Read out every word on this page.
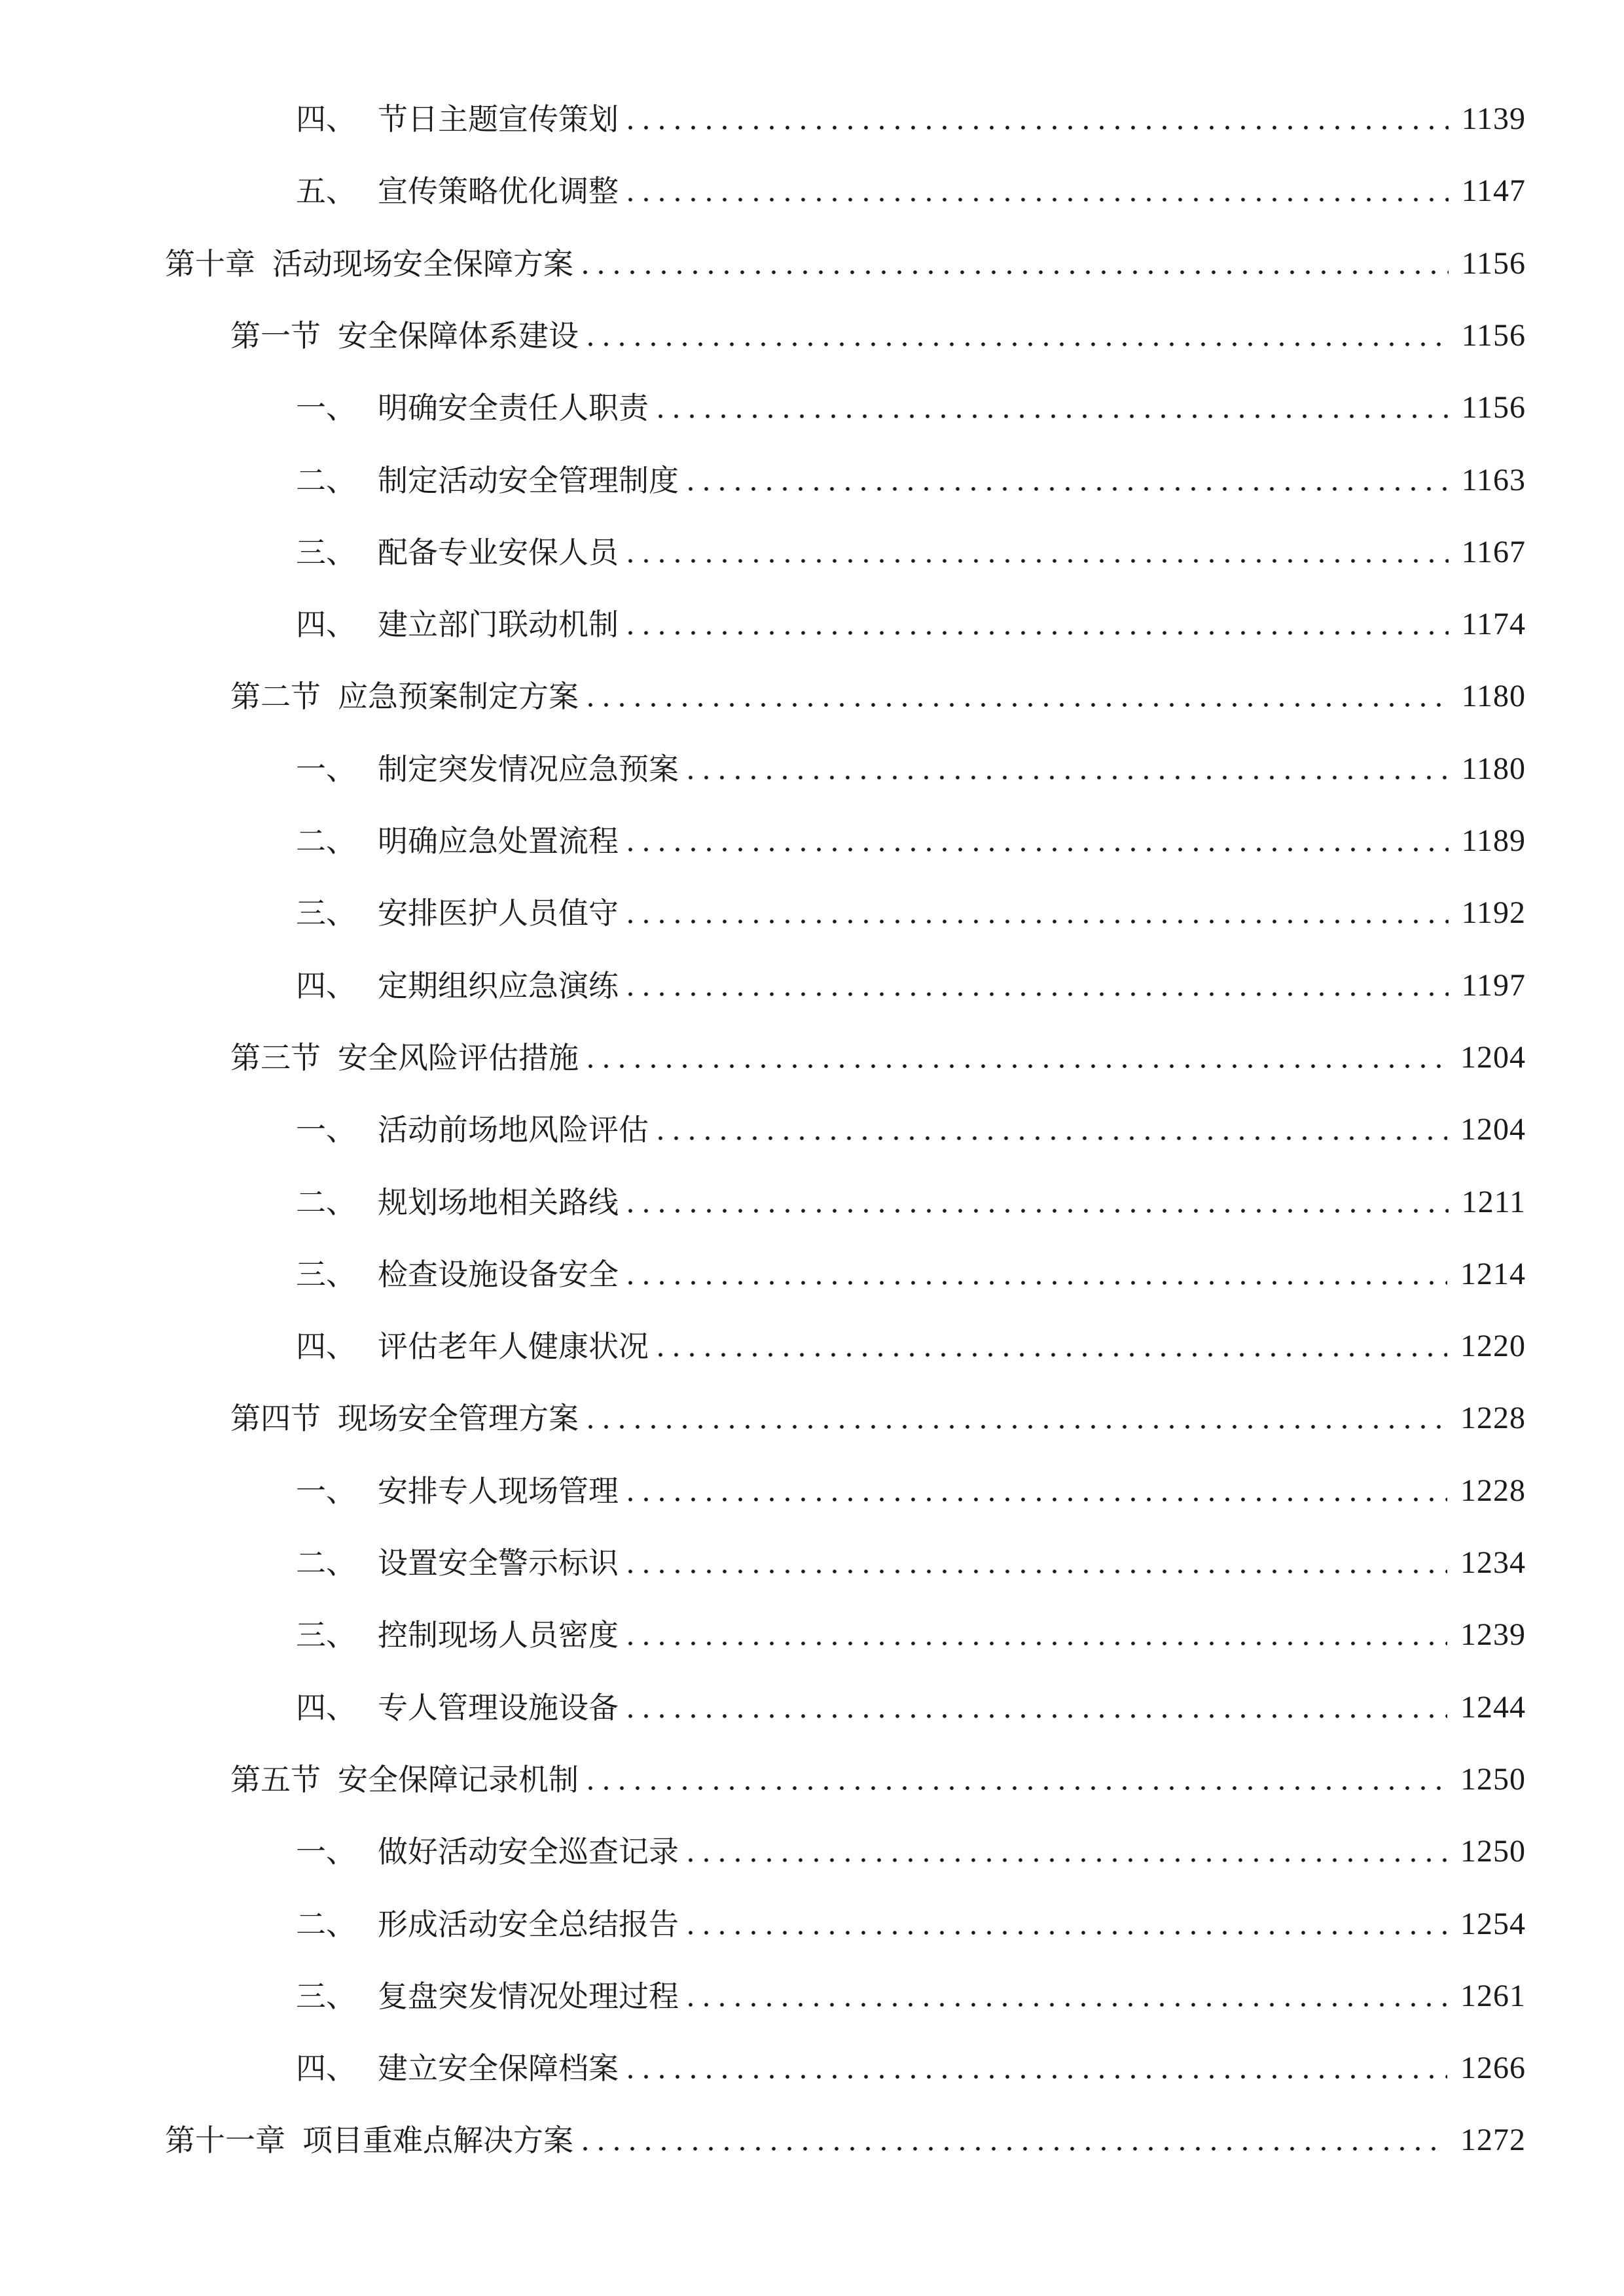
四、 节日主题宣传策划	1139
五、 宣传策略优化调整	1147
第十章 活动现场安全保障方案	1156
第一节 安全保障体系建设	1156
一、 明确安全责任人职责	1156
二、 制定活动安全管理制度	1163
三、 配备专业安保人员	1167
四、 建立部门联动机制	1174
第二节 应急预案制定方案	1180
一、 制定突发情况应急预案	1180
二、 明确应急处置流程	1189
三、 安排医护人员值守	1192
四、 定期组织应急演练	1197
第三节 安全风险评估措施	1204
一、 活动前场地风险评估	1204
二、 规划场地相关路线	1211
三、 检查设施设备安全	1214
四、 评估老年人健康状况	1220
第四节 现场安全管理方案	1228
一、 安排专人现场管理	1228
二、 设置安全警示标识	1234
三、 控制现场人员密度	1239
四、 专人管理设施设备	1244
第五节 安全保障记录机制	1250
一、 做好活动安全巡查记录	1250
二、 形成活动安全总结报告	1254
三、 复盘突发情况处理过程	1261
四、 建立安全保障档案	1266
第十一章 项目重难点解决方案	1272
